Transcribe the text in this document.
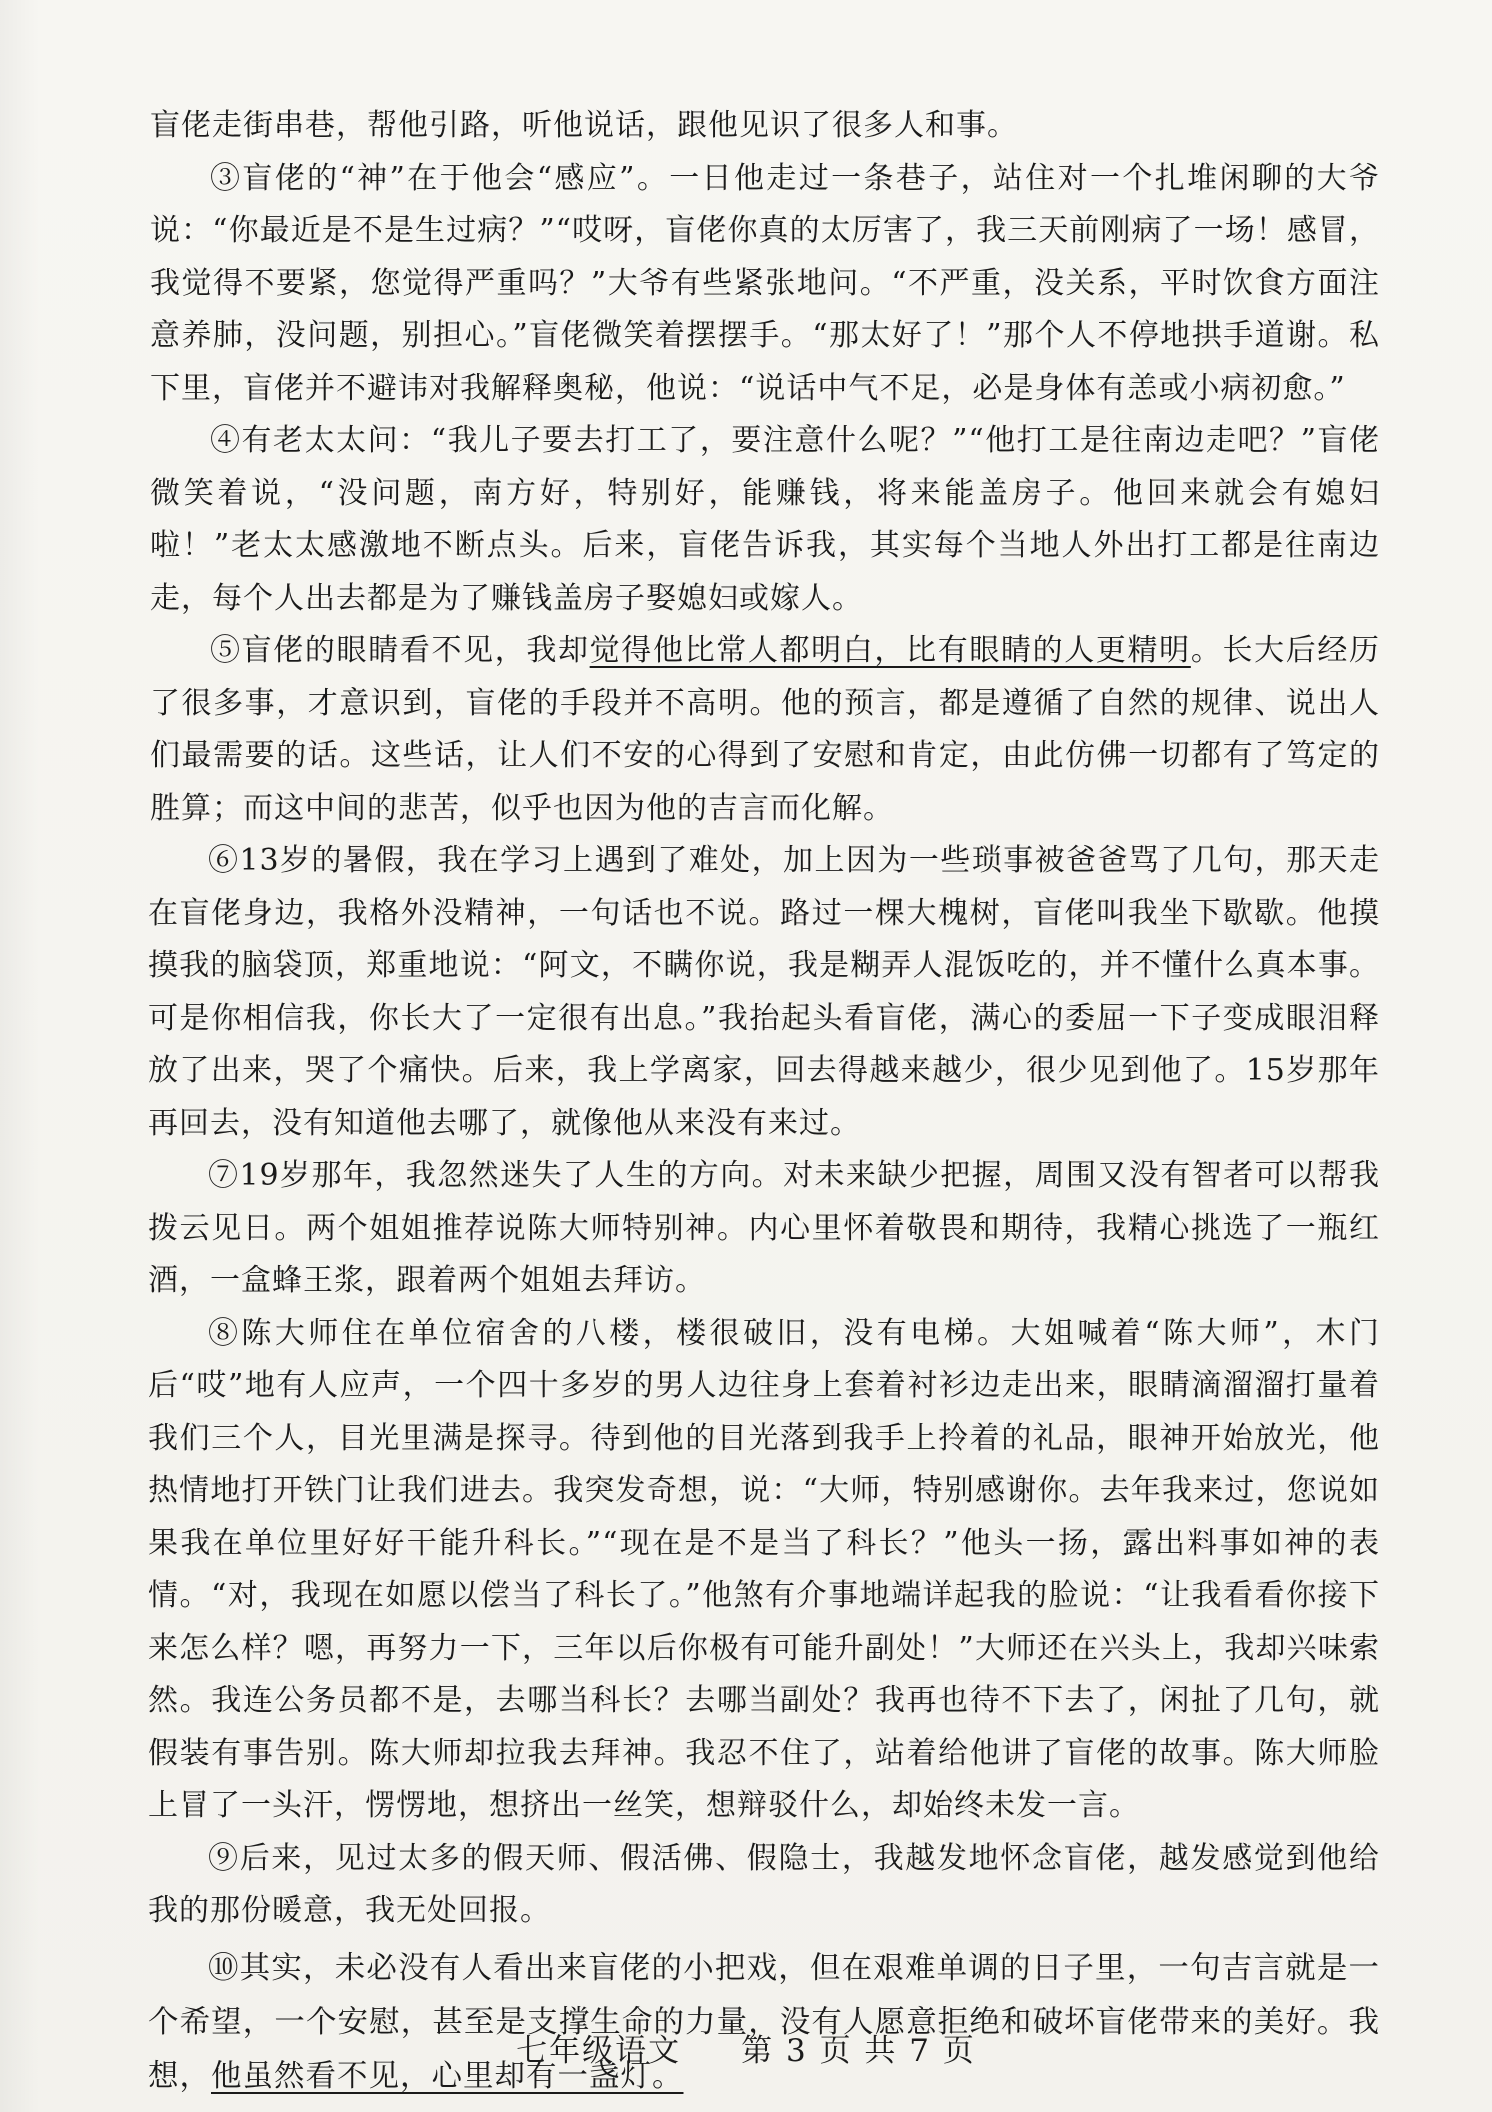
盲佬走街串巷，帮他引路，听他说话，跟他见识了很多人和事。

③盲佬的“神”在于他会“感应”。一日他走过一条巷子，站住对一个扎堆闲聊的大爷说：“你最近是不是生过病？”“哎呀，盲佬你真的太厉害了，我三天前刚病了一场！感冒，我觉得不要紧，您觉得严重吗？”大爷有些紧张地问。“不严重，没关系，平时饮食方面注意养肺，没问题，别担心。”盲佬微笑着摆摆手。“那太好了！”那个人不停地拱手道谢。私下里，盲佬并不避讳对我解释奥秘，他说：“说话中气不足，必是身体有恙或小病初愈。”

④有老太太问：“我儿子要去打工了，要注意什么呢？”“他打工是往南边走吧？”盲佬微笑着说，“没问题，南方好，特别好，能赚钱，将来能盖房子。他回来就会有媳妇啦！”老太太感激地不断点头。后来，盲佬告诉我，其实每个当地人外出打工都是往南边走，每个人出去都是为了赚钱盖房子娶媳妇或嫁人。

⑤盲佬的眼睛看不见，我却觉得他比常人都明白，比有眼睛的人更精明。长大后经历了很多事，才意识到，盲佬的手段并不高明。他的预言，都是遵循了自然的规律、说出人们最需要的话。这些话，让人们不安的心得到了安慰和肯定，由此仿佛一切都有了笃定的胜算；而这中间的悲苦，似乎也因为他的吉言而化解。

⑥13岁的暑假，我在学习上遇到了难处，加上因为一些琐事被爸爸骂了几句，那天走在盲佬身边，我格外没精神，一句话也不说。路过一棵大槐树，盲佬叫我坐下歇歇。他摸摸我的脑袋顶，郑重地说：“阿文，不瞒你说，我是糊弄人混饭吃的，并不懂什么真本事。可是你相信我，你长大了一定很有出息。”我抬起头看盲佬，满心的委屈一下子变成眼泪释放了出来，哭了个痛快。后来，我上学离家，回去得越来越少，很少见到他了。15岁那年再回去，没有知道他去哪了，就像他从来没有来过。

⑦19岁那年，我忽然迷失了人生的方向。对未来缺少把握，周围又没有智者可以帮我拨云见日。两个姐姐推荐说陈大师特别神。内心里怀着敬畏和期待，我精心挑选了一瓶红酒，一盒蜂王浆，跟着两个姐姐去拜访。

⑧陈大师住在单位宿舍的八楼，楼很破旧，没有电梯。大姐喊着“陈大师”，木门后“哎”地有人应声，一个四十多岁的男人边往身上套着衬衫边走出来，眼睛滴溜溜打量着我们三个人，目光里满是探寻。待到他的目光落到我手上拎着的礼品，眼神开始放光，他热情地打开铁门让我们进去。我突发奇想，说：“大师，特别感谢你。去年我来过，您说如果我在单位里好好干能升科长。”“现在是不是当了科长？”他头一扬，露出料事如神的表情。“对，我现在如愿以偿当了科长了。”他煞有介事地端详起我的脸说：“让我看看你接下来怎么样？嗯，再努力一下，三年以后你极有可能升副处！”大师还在兴头上，我却兴味索然。我连公务员都不是，去哪当科长？去哪当副处？我再也待不下去了，闲扯了几句，就假装有事告别。陈大师却拉我去拜神。我忍不住了，站着给他讲了盲佬的故事。陈大师脸上冒了一头汗，愣愣地，想挤出一丝笑，想辩驳什么，却始终未发一言。

⑨后来，见过太多的假天师、假活佛、假隐士，我越发地怀念盲佬，越发感觉到他给我的那份暖意，我无处回报。

⑩其实，未必没有人看出来盲佬的小把戏，但在艰难单调的日子里，一句吉言就是一个希望，一个安慰，甚至是支撑生命的力量，没有人愿意拒绝和破坏盲佬带来的美好。我想，他虽然看不见，心里却有一盏灯。

七年级语文 第 3 页 共 7 页
